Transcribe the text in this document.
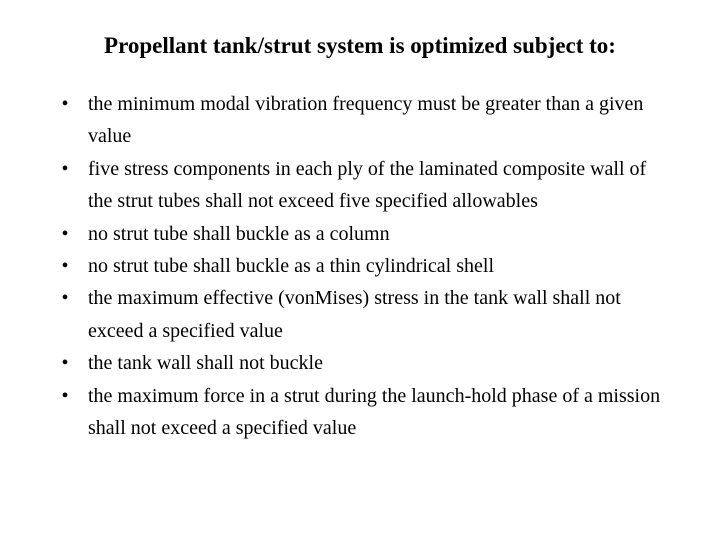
Propellant tank/strut system is optimized subject to:
• the minimum modal vibration frequency must be greater than a given value
• five stress components in each ply of the laminated composite wall of the strut tubes shall not exceed five specified allowables
• no strut tube shall buckle as a column
• no strut tube shall buckle as a thin cylindrical shell
• the maximum effective (vonMises) stress in the tank wall shall not exceed a specified value
• the tank wall shall not buckle
• the maximum force in a strut during the launch-hold phase of a mission shall not exceed a specified value
